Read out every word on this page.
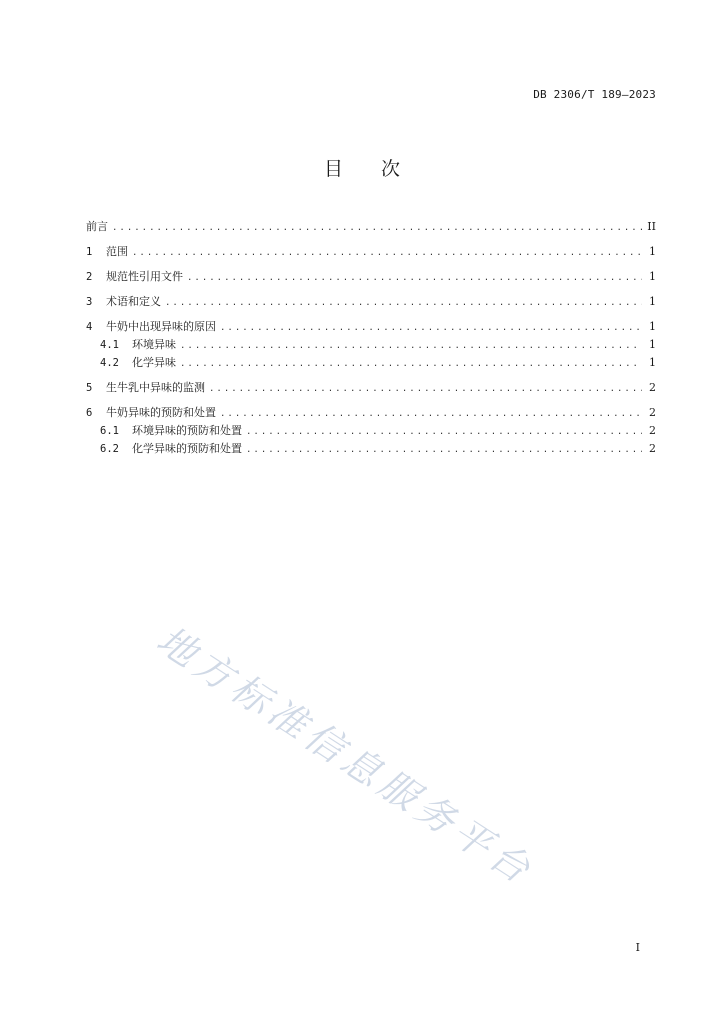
DB 2306/T 189—2023
目次
前言 .....	II
1	范围 .....	1
2	规范性引用文件 .....	1
3	术语和定义 .....	1
4	牛奶中出现异味的原因 .....	1
4.1	环境异味 .....	1
4.2	化学异味 .....	1
5	生牛乳中异味的监测 .....	2
6	牛奶异味的预防和处置 .....	2
6.1	环境异味的预防和处置 .....	2
6.2	化学异味的预防和处置 .....	2
地方标准信息服务平台
I
